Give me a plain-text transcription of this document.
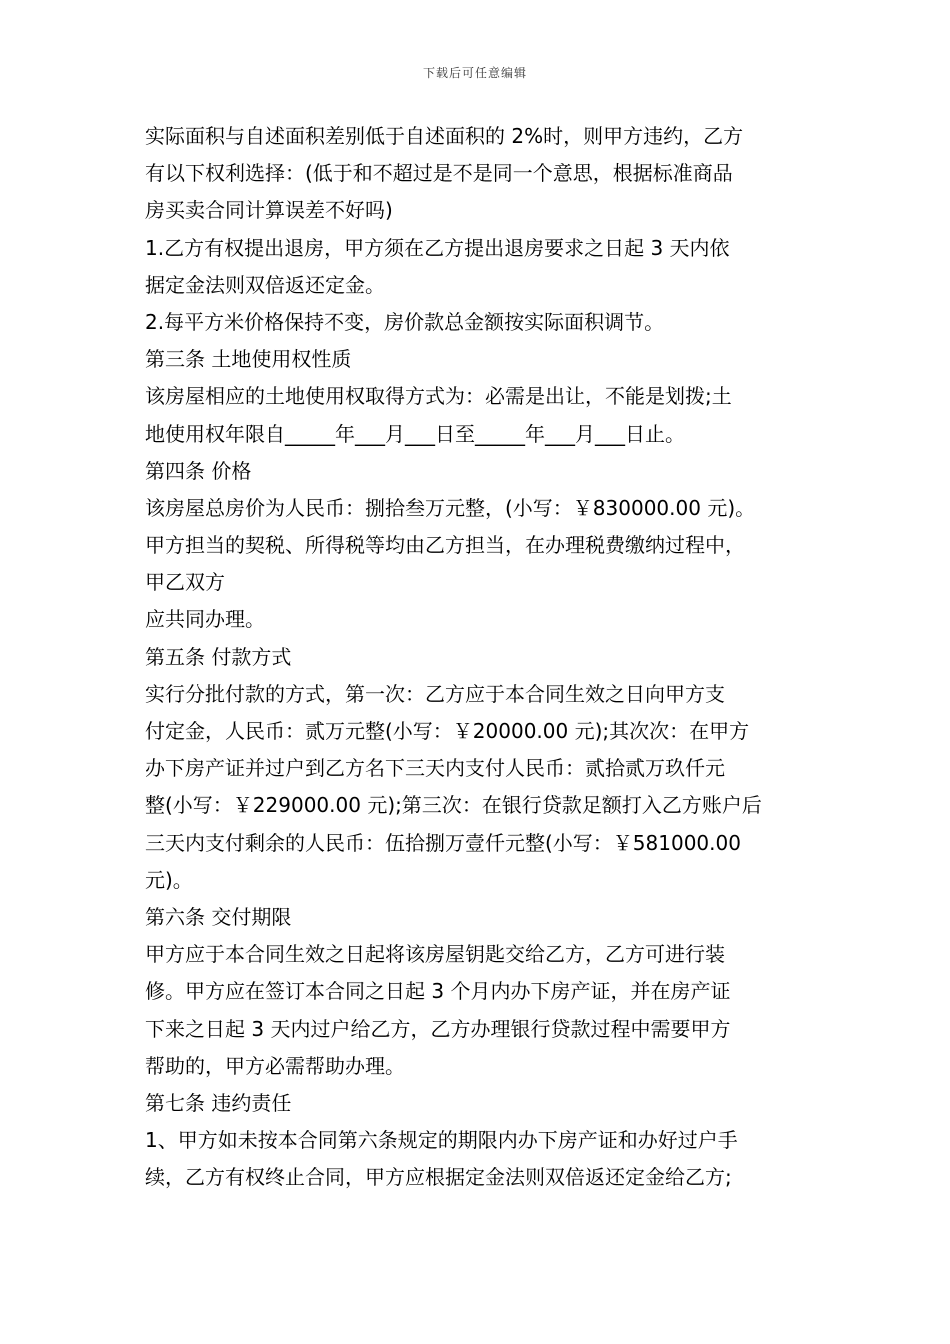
下载后可任意编辑
实际面积与自述面积差别低于自述面积的 2%时，则甲方违约，乙方
有以下权利选择：(低于和不超过是不是同一个意思，根据标准商品
房买卖合同计算误差不好吗)
1.乙方有权提出退房，甲方须在乙方提出退房要求之日起 3 天内依
据定金法则双倍返还定金。
2.每平方米价格保持不变，房价款总金额按实际面积调节。
第三条 土地使用权性质
该房屋相应的土地使用权取得方式为：必需是出让，不能是划拨;土
地使用权年限自_____年___月___日至_____年___月___日止。
第四条 价格
该房屋总房价为人民币：捌拾叁万元整，(小写：￥830000.00 元)。
甲方担当的契税、所得税等均由乙方担当，在办理税费缴纳过程中，
甲乙双方
应共同办理。
第五条 付款方式
实行分批付款的方式，第一次：乙方应于本合同生效之日向甲方支
付定金，人民币：贰万元整(小写：￥20000.00 元);其次次：在甲方
办下房产证并过户到乙方名下三天内支付人民币：贰拾贰万玖仟元
整(小写：￥229000.00 元);第三次：在银行贷款足额打入乙方账户后
三天内支付剩余的人民币：伍拾捌万壹仟元整(小写：￥581000.00
元)。
第六条 交付期限
甲方应于本合同生效之日起将该房屋钥匙交给乙方，乙方可进行装
修。甲方应在签订本合同之日起 3 个月内办下房产证，并在房产证
下来之日起 3 天内过户给乙方，乙方办理银行贷款过程中需要甲方
帮助的，甲方必需帮助办理。
第七条 违约责任
1、甲方如未按本合同第六条规定的期限内办下房产证和办好过户手
续，乙方有权终止合同，甲方应根据定金法则双倍返还定金给乙方;
